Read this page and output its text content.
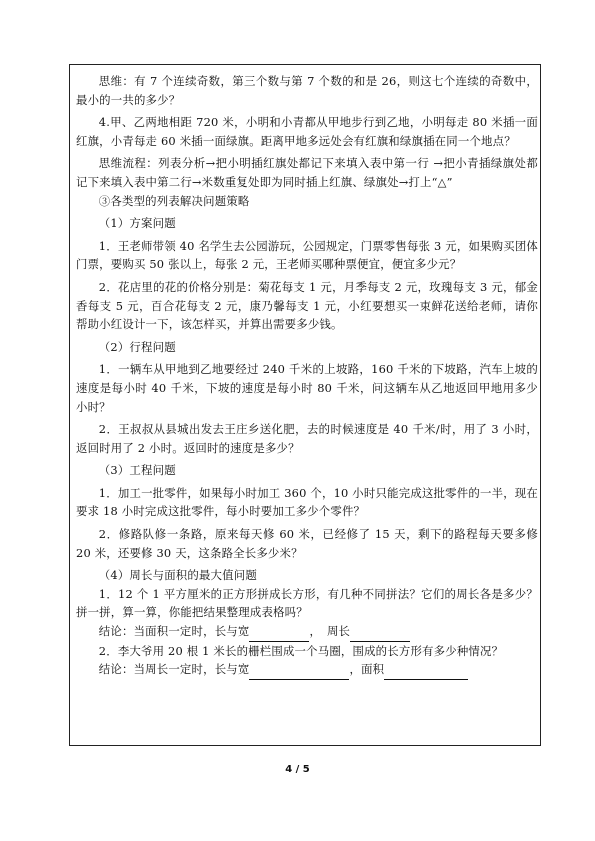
思维：有 7 个连续奇数，第三个数与第 7 个数的和是 26，则这七个连续的奇数中，最小的一共的多少？

4.甲、乙两地相距 720 米，小明和小青都从甲地步行到乙地，小明每走 80 米插一面红旗，小青每走 60 米插一面绿旗。距离甲地多远处会有红旗和绿旗插在同一个地点？

思维流程：列表分析→把小明插红旗处都记下来填入表中第一行 →把小青插绿旗处都记下来填入表中第二行→米数重复处即为同时插上红旗、绿旗处→打上“△”

③各类型的列表解决问题策略

（1）方案问题

1．王老师带领 40 名学生去公园游玩，公园规定，门票零售每张 3 元，如果购买团体门票，要购买 50 张以上，每张 2 元，王老师买哪种票便宜，便宜多少元？

2．花店里的花的价格分别是：菊花每支 1 元，月季每支 2 元，玫瑰每支 3 元，郁金香每支 5 元，百合花每支 2 元，康乃馨每支 1 元，小红要想买一束鲜花送给老师，请你帮助小红设计一下，该怎样买，并算出需要多少钱。

（2）行程问题

1．一辆车从甲地到乙地要经过 240 千米的上坡路，160 千米的下坡路，汽车上坡的速度是每小时 40 千米，下坡的速度是每小时 80 千米，问这辆车从乙地返回甲地用多少小时？

2．王叔叔从县城出发去王庄乡送化肥，去的时候速度是 40 千米/时，用了 3 小时，返回时用了 2 小时。返回时的速度是多少？

（3）工程问题

1．加工一批零件，如果每小时加工 360 个，10 小时只能完成这批零件的一半，现在要求 18 小时完成这批零件，每小时要加工多少个零件？

2．修路队修一条路，原来每天修 60 米，已经修了 15 天，剩下的路程每天要多修 20 米，还要修 30 天，这条路全长多少米？

（4）周长与面积的最大值问题

1．12 个 1 平方厘米的正方形拼成长方形，有几种不同拼法？它们的周长各是多少？拼一拼，算一算，你能把结果整理成表格吗？

结论：当面积一定时，长与宽	，　周长

2．李大爷用 20 根 1 米长的栅栏围成一个马圈，围成的长方形有多少种情况？

结论：当周长一定时，长与宽	，面积

4 / 5
